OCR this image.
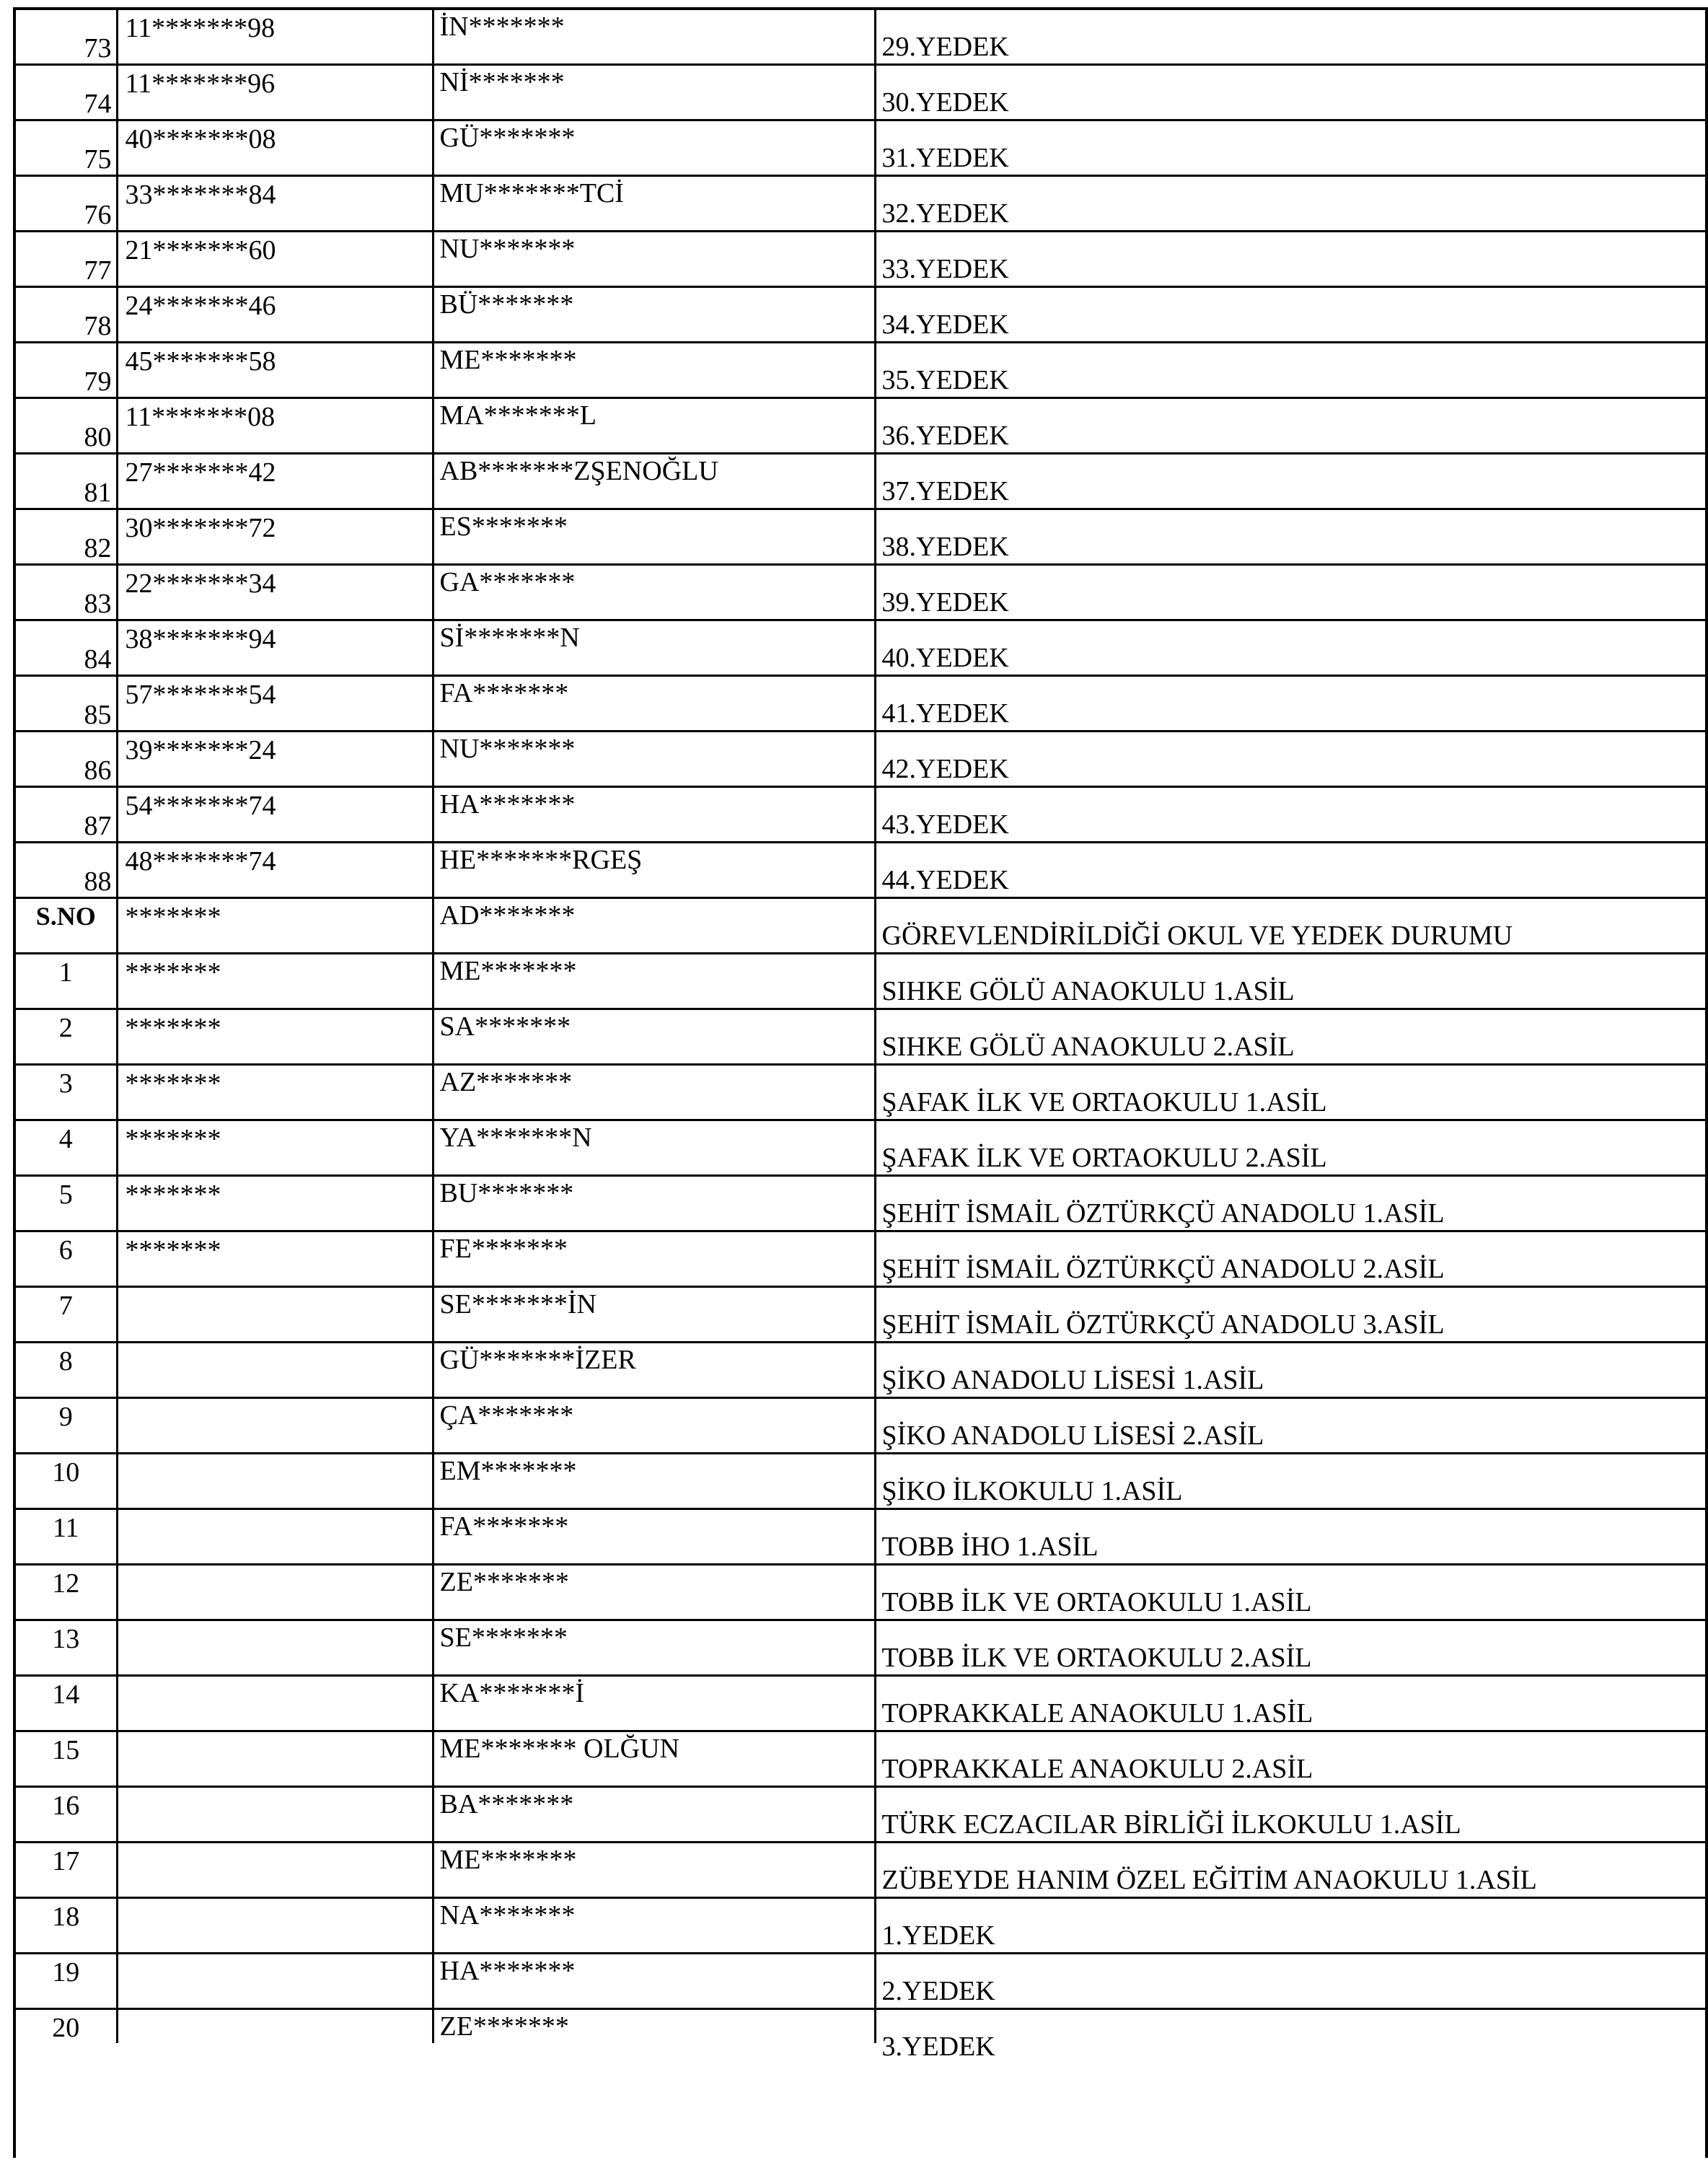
73	11*******98	İN*******	29.YEDEK

74	11*******96	Nİ*******	30.YEDEK

75	40*******08	GÜ*******	31.YEDEK

76	33*******84	MU*******TCİ	32.YEDEK

77	21*******60	NU*******	33.YEDEK

78	24*******46	BÜ*******	34.YEDEK

79	45*******58	ME*******	35.YEDEK

80	11*******08	MA*******L	36.YEDEK

81	27*******42	AB*******ZŞENOĞLU	37.YEDEK

82	30*******72	ES*******	38.YEDEK

83	22*******34	GA*******	39.YEDEK

84	38*******94	Sİ*******N	40.YEDEK

85	57*******54	FA*******	41.YEDEK

86	39*******24	NU*******	42.YEDEK

87	54*******74	HA*******	43.YEDEK

88	48*******74	HE*******RGEŞ	44.YEDEK

S.NO	*******	AD*******	GÖREVLENDİRİLDİĞİ OKUL VE YEDEK DURUMU

1	*******	ME*******	SIHKE GÖLÜ ANAOKULU 1.ASİL

2	*******	SA*******	SIHKE GÖLÜ ANAOKULU 2.ASİL

3	*******	AZ*******	ŞAFAK İLK VE ORTAOKULU 1.ASİL

4	*******	YA*******N	ŞAFAK İLK VE ORTAOKULU 2.ASİL

5	*******	BU*******	ŞEHİT İSMAİL ÖZTÜRKÇÜ ANADOLU 1.ASİL

6	*******	FE*******	ŞEHİT İSMAİL ÖZTÜRKÇÜ ANADOLU 2.ASİL

7		SE*******İN	ŞEHİT İSMAİL ÖZTÜRKÇÜ ANADOLU 3.ASİL

8		GÜ*******İZER	ŞİKO ANADOLU LİSESİ 1.ASİL

9		ÇA*******	ŞİKO ANADOLU LİSESİ 2.ASİL

10		EM*******	ŞİKO İLKOKULU 1.ASİL

11		FA*******	TOBB İHO 1.ASİL

12		ZE*******	TOBB İLK VE ORTAOKULU 1.ASİL

13		SE*******	TOBB İLK VE ORTAOKULU 2.ASİL

14		KA*******İ	TOPRAKKALE ANAOKULU 1.ASİL

15		ME******* OLĞUN	TOPRAKKALE ANAOKULU 2.ASİL

16		BA*******	TÜRK ECZACILAR BİRLİĞİ İLKOKULU 1.ASİL

17		ME*******	ZÜBEYDE HANIM ÖZEL EĞİTİM ANAOKULU 1.ASİL

18		NA*******	1.YEDEK

19		HA*******	2.YEDEK

20		ZE*******	3.YEDEK
